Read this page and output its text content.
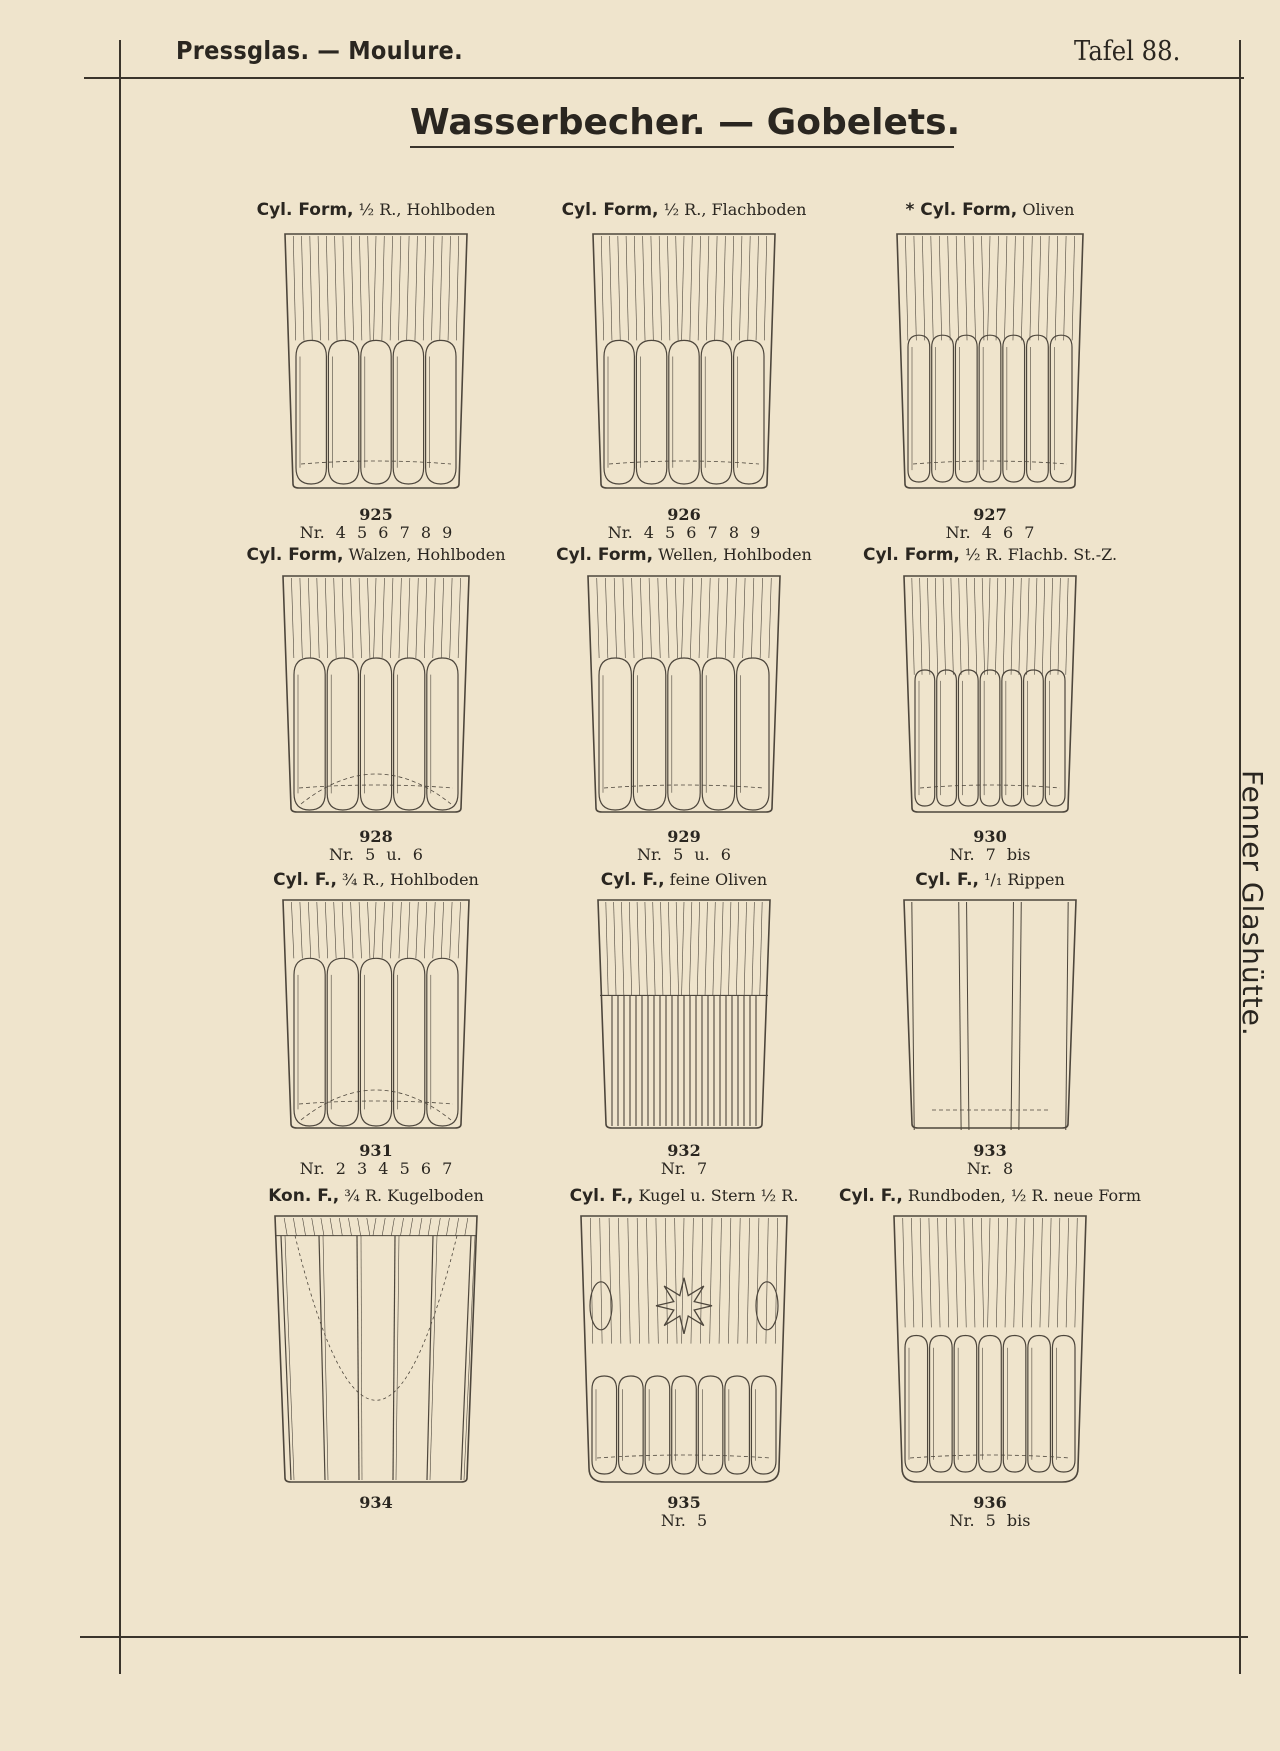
Pressglas. — Moulure.	Tafel 88.
Wasserbecher. — Gobelets.
Fenner Glashütte.
Cyl. Form, ½ R., Hohlboden
925
Nr. 4 5 6 7 8 9
Cyl. Form, ½ R., Flachboden
926
Nr. 4 5 6 7 8 9
* Cyl. Form, Oliven
927
Nr. 4 6 7
Cyl. Form, Walzen, Hohlboden
928
Nr. 5 u. 6
Cyl. Form, Wellen, Hohlboden
929
Nr. 5 u. 6
Cyl. Form, ½ R. Flachb. St.-Z.
930
Nr. 7 bis
Cyl. F., ¾ R., Hohlboden
931
Nr. 2 3 4 5 6 7
Cyl. F., feine Oliven
932
Nr. 7
Cyl. F., ¹/₁ Rippen
933
Nr. 8
Kon. F., ¾ R. Kugelboden
934
Cyl. F., Kugel u. Stern ½ R.
935
Nr. 5
Cyl. F., Rundboden, ½ R. neue Form
936
Nr. 5 bis
